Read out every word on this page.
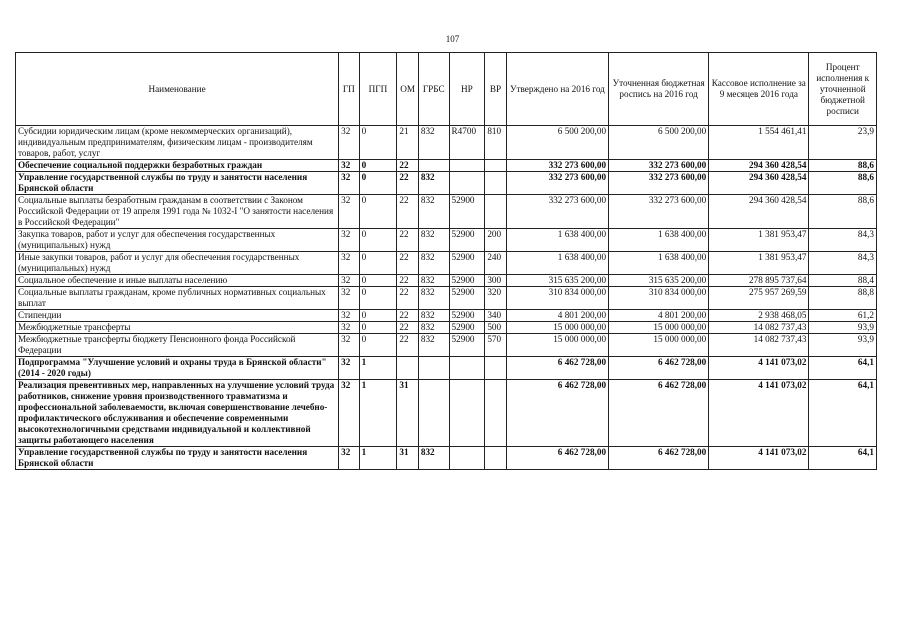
107
Наименование	ГП	ПГП	ОМ	ГРБС	НР	ВР	Утверждено на 2016 год	Уточненная бюджетная роспись на 2016 год	Кассовое исполнение за 9 месяцев 2016 года	Процент исполнения к уточненной бюджетной росписи
Субсидии юридическим лицам (кроме некоммерческих организаций), индивидуальным предпринимателям, физическим лицам - производителям товаров, работ, услуг	32	0	21	832	R4700	810	6 500 200,00	6 500 200,00	1 554 461,41	23,9
Обеспечение социальной поддержки безработных граждан	32	0	22				332 273 600,00	332 273 600,00	294 360 428,54	88,6
Управление государственной службы по труду и занятости населения Брянской области	32	0	22	832			332 273 600,00	332 273 600,00	294 360 428,54	88,6
Социальные выплаты безработным гражданам в соответствии с Законом Российской Федерации от 19 апреля 1991 года № 1032-I "О занятости населения в Российской Федерации"	32	0	22	832	52900		332 273 600,00	332 273 600,00	294 360 428,54	88,6
Закупка товаров, работ и услуг для обеспечения государственных (муниципальных) нужд	32	0	22	832	52900	200	1 638 400,00	1 638 400,00	1 381 953,47	84,3
Иные закупки товаров, работ и услуг для обеспечения государственных (муниципальных) нужд	32	0	22	832	52900	240	1 638 400,00	1 638 400,00	1 381 953,47	84,3
Социальное обеспечение и иные выплаты населению	32	0	22	832	52900	300	315 635 200,00	315 635 200,00	278 895 737,64	88,4
Социальные выплаты гражданам, кроме публичных нормативных социальных выплат	32	0	22	832	52900	320	310 834 000,00	310 834 000,00	275 957 269,59	88,8
Стипендии	32	0	22	832	52900	340	4 801 200,00	4 801 200,00	2 938 468,05	61,2
Межбюджетные трансферты	32	0	22	832	52900	500	15 000 000,00	15 000 000,00	14 082 737,43	93,9
Межбюджетные трансферты бюджету Пенсионного фонда Российской Федерации	32	0	22	832	52900	570	15 000 000,00	15 000 000,00	14 082 737,43	93,9
Подпрограмма "Улучшение условий и охраны труда в Брянской области" (2014 - 2020 годы)	32	1					6 462 728,00	6 462 728,00	4 141 073,02	64,1
Реализация превентивных мер, направленных на улучшение условий труда работников, снижение уровня производственного травматизма и профессиональной заболеваемости, включая совершенствование лечебно-профилактического обслуживания и обеспечение современными высокотехнологичными средствами индивидуальной и коллективной защиты работающего населения	32	1	31				6 462 728,00	6 462 728,00	4 141 073,02	64,1
Управление государственной службы по труду и занятости населения Брянской области	32	1	31	832			6 462 728,00	6 462 728,00	4 141 073,02	64,1
